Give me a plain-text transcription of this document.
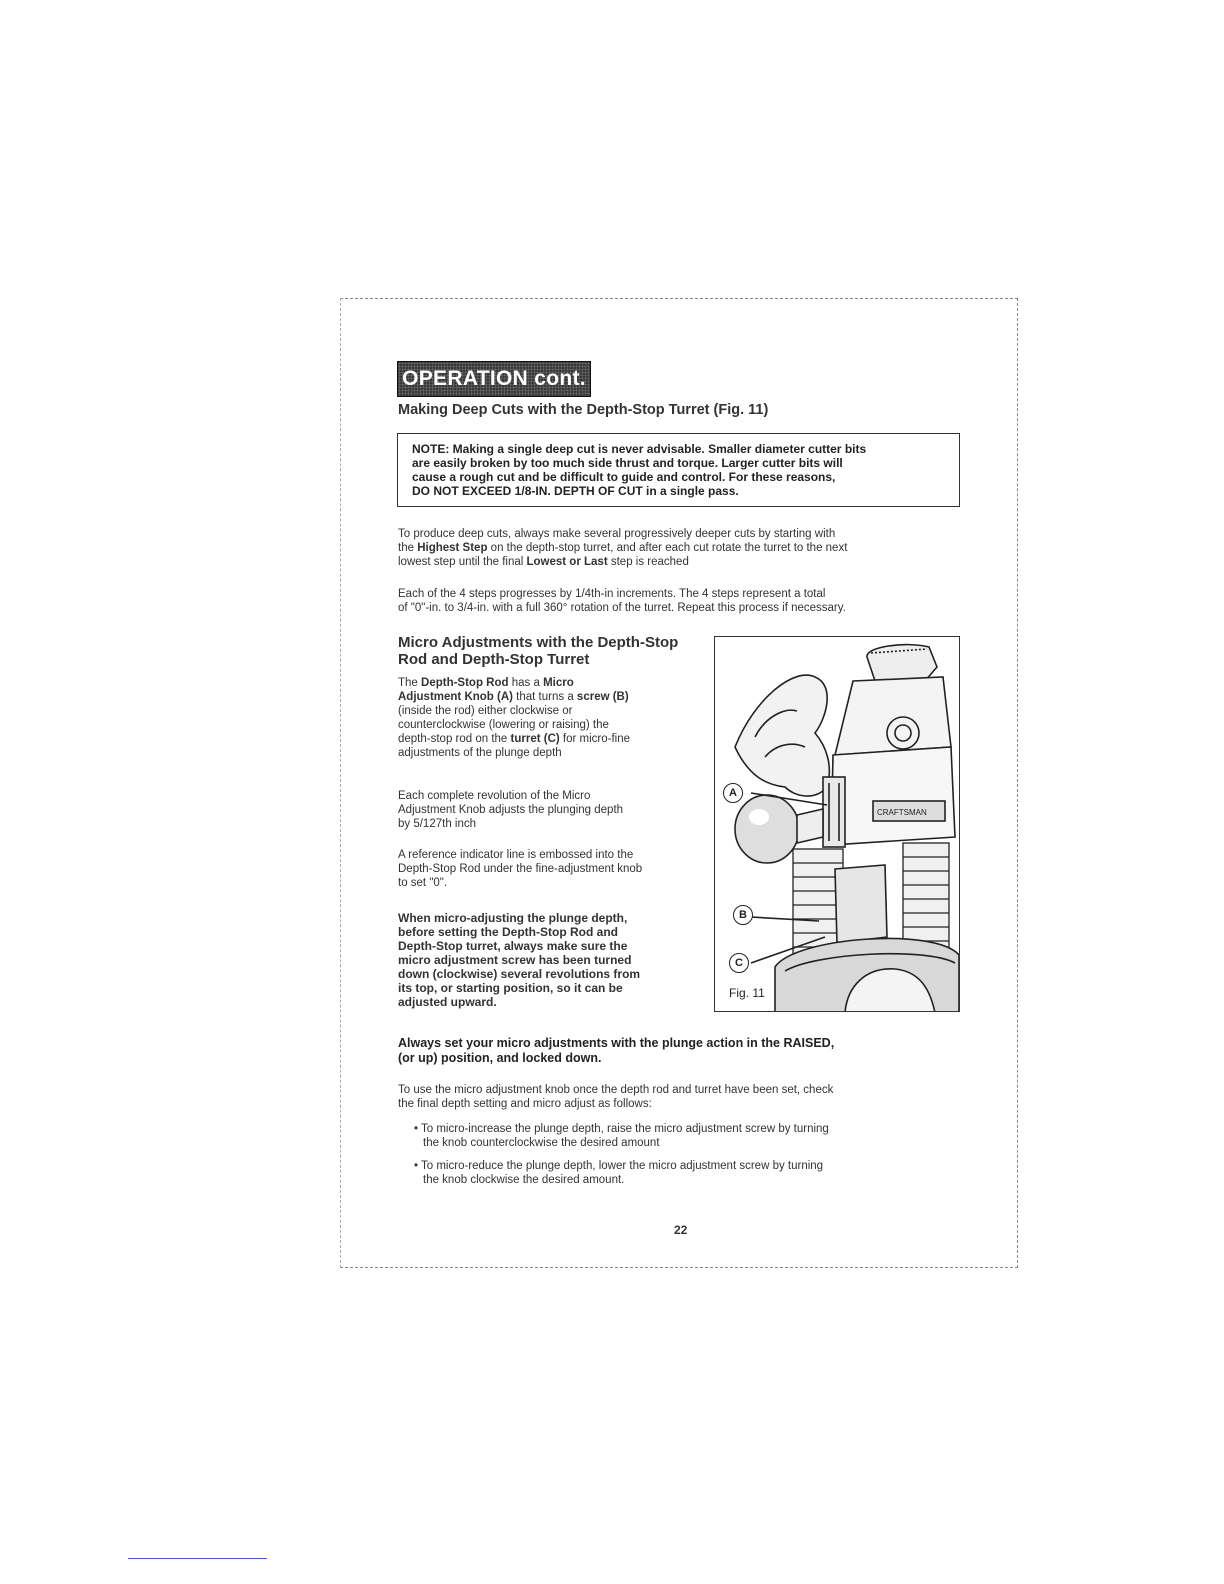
OPERATION cont.
Making Deep Cuts with the Depth-Stop Turret (Fig. 11)
NOTE: Making a single deep cut is never advisable. Smaller diameter cutter bits
are easily broken by too much side thrust and torque. Larger cutter bits will
cause a rough cut and be difficult to guide and control. For these reasons,
DO NOT EXCEED 1/8-IN. DEPTH OF CUT in a single pass.
To produce deep cuts, always make several progressively deeper cuts by starting with
the Highest Step on the depth-stop turret, and after each cut rotate the turret to the next
lowest step until the final Lowest or Last step is reached
Each of the 4 steps progresses by 1/4th-in increments. The 4 steps represent a total
of "0"-in. to 3/4-in. with a full 360° rotation of the turret. Repeat this process if necessary.
Micro Adjustments with the Depth-Stop
Rod and Depth-Stop Turret
The Depth-Stop Rod has a Micro
Adjustment Knob (A) that turns a screw (B)
(inside the rod) either clockwise or
counterclockwise (lowering or raising) the
depth-stop rod on the turret (C) for micro-fine
adjustments of the plunge depth
Each complete revolution of the Micro
Adjustment Knob adjusts the plunging depth
by 5/127th inch
A reference indicator line is embossed into the
Depth-Stop Rod under the fine-adjustment knob
to set "0".
When micro-adjusting the plunge depth,
before setting the Depth-Stop Rod and
Depth-Stop turret, always make sure the
micro adjustment screw has been turned
down (clockwise) several revolutions from
its top, or starting position, so it can be
adjusted upward.
CRAFTSMAN
A
B
C
Fig. 11
Always set your micro adjustments with the plunge action in the RAISED,
(or up) position, and locked down.
To use the micro adjustment knob once the depth rod and turret have been set, check
the final depth setting and micro adjust as follows:
• To micro-increase the plunge depth, raise the micro adjustment screw by turning
the knob counterclockwise the desired amount
• To micro-reduce the plunge depth, lower the micro adjustment screw by turning
the knob clockwise the desired amount.
22
